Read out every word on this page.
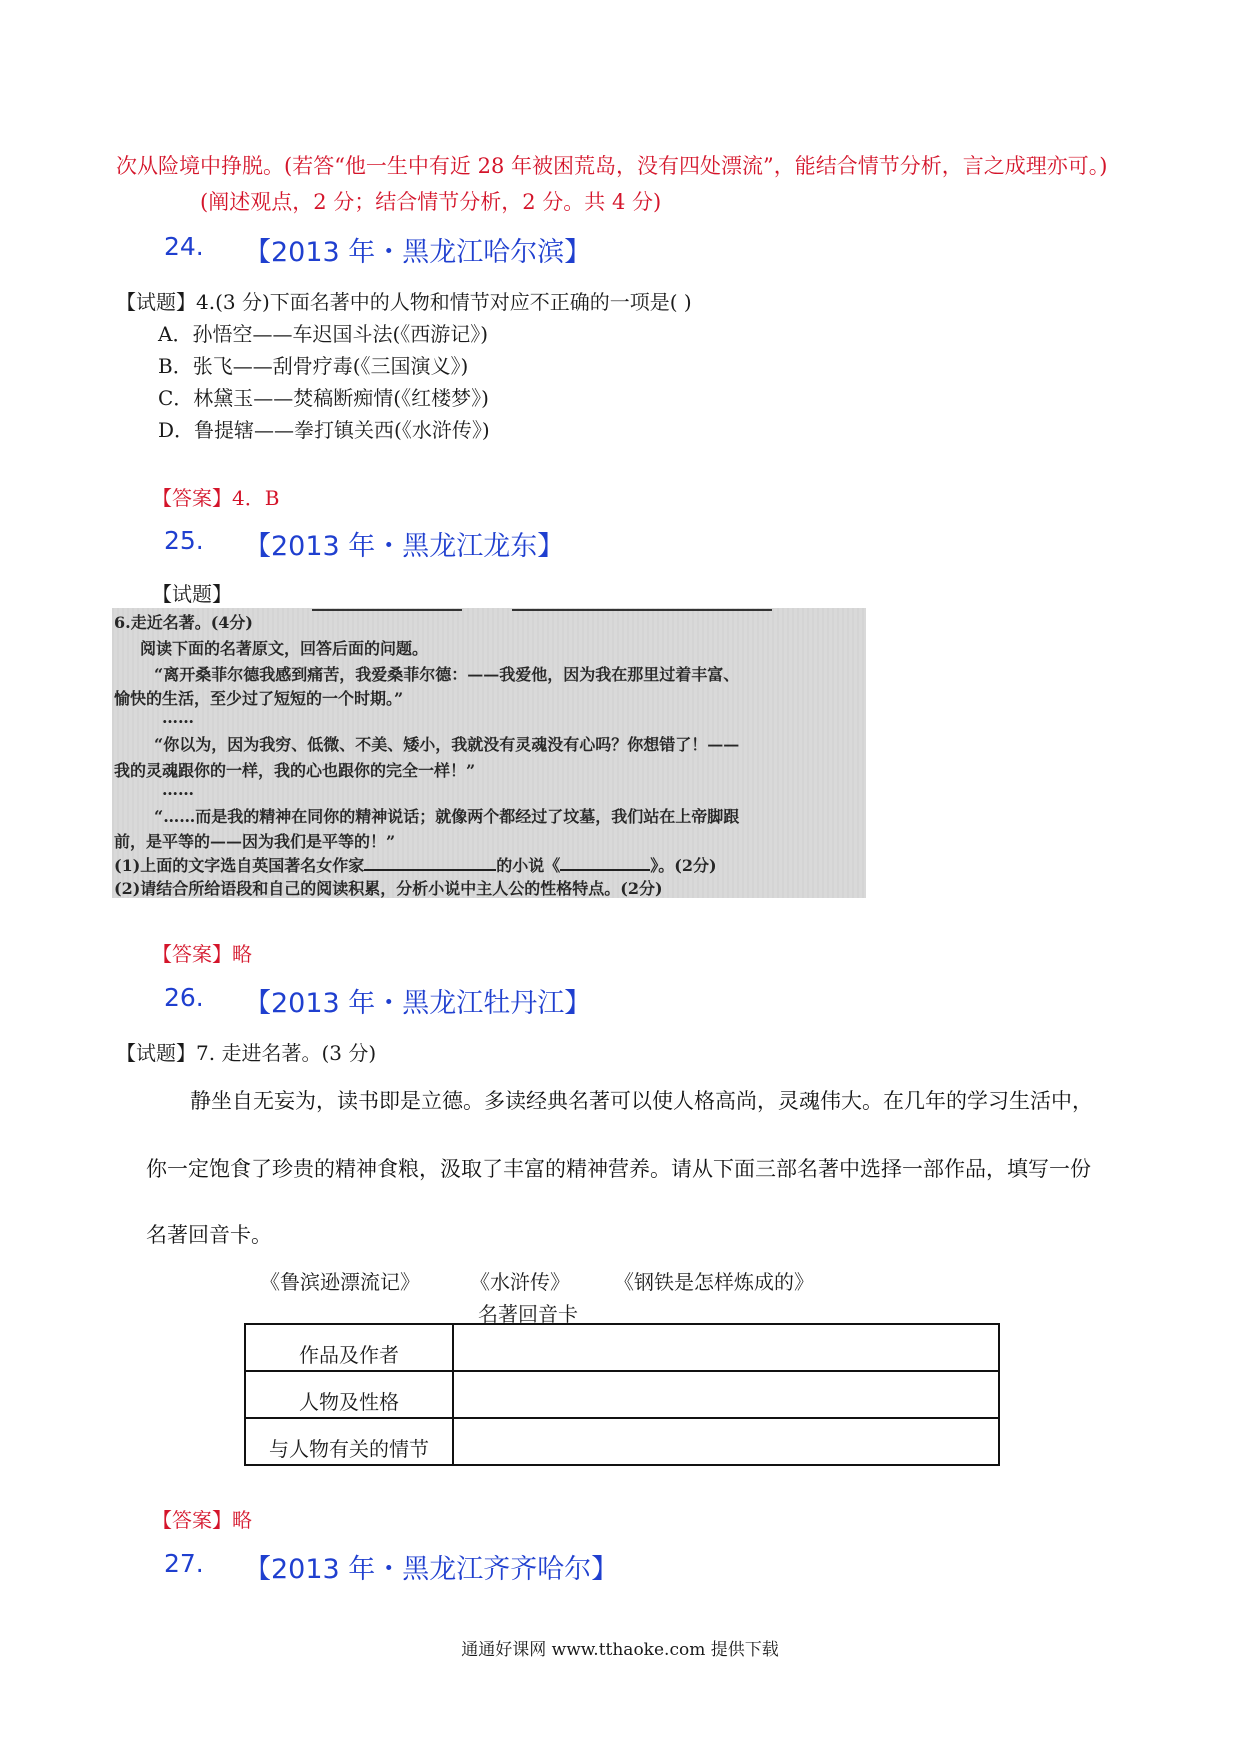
次从险境中挣脱。(若答“他一生中有近 28 年被困荒岛，没有四处漂流”，能结合情节分析，言之成理亦可。)
(阐述观点，2 分；结合情节分析，2 分。共 4 分)
24. 【2013 年・黑龙江哈尔滨】
【试题】4.(3 分)下面名著中的人物和情节对应不正确的一项是( )
A．孙悟空——车迟国斗法(《西游记》)
B．张飞——刮骨疗毒(《三国演义》)
C．林黛玉——焚稿断痴情(《红楼梦》)
D．鲁提辖——拳打镇关西(《水浒传》)
【答案】4．B
25. 【2013 年・黑龙江龙东】
【试题】
6.走近名著。(4分)
阅读下面的名著原文，回答后面的问题。
“离开桑菲尔德我感到痛苦，我爱桑菲尔德：——我爱他，因为我在那里过着丰富、
愉快的生活，至少过了短短的一个时期。”
……
“你以为，因为我穷、低微、不美、矮小，我就没有灵魂没有心吗？你想错了！——
我的灵魂跟你的一样，我的心也跟你的完全一样！”
……
“……而是我的精神在同你的精神说话；就像两个都经过了坟墓，我们站在上帝脚跟
前，是平等的——因为我们是平等的！”
(1)上面的文字选自英国著名女作家	的小说《	》。(2分)
(2)请结合所给语段和自己的阅读积累，分析小说中主人公的性格特点。(2分)
【答案】略
26. 【2013 年・黑龙江牡丹江】
【试题】7. 走进名著。(3 分)
静坐自无妄为，读书即是立德。多读经典名著可以使人格高尚，灵魂伟大。在几年的学习生活中，
你一定饱食了珍贵的精神食粮，汲取了丰富的精神营养。请从下面三部名著中选择一部作品，填写一份
名著回音卡。
《鲁滨逊漂流记》	《水浒传》 《钢铁是怎样炼成的》
名著回音卡
作品及作者	
人物及性格	
与人物有关的情节	
【答案】略
27. 【2013 年・黑龙江齐齐哈尔】
通通好课网 www.tthaoke.com 提供下载
